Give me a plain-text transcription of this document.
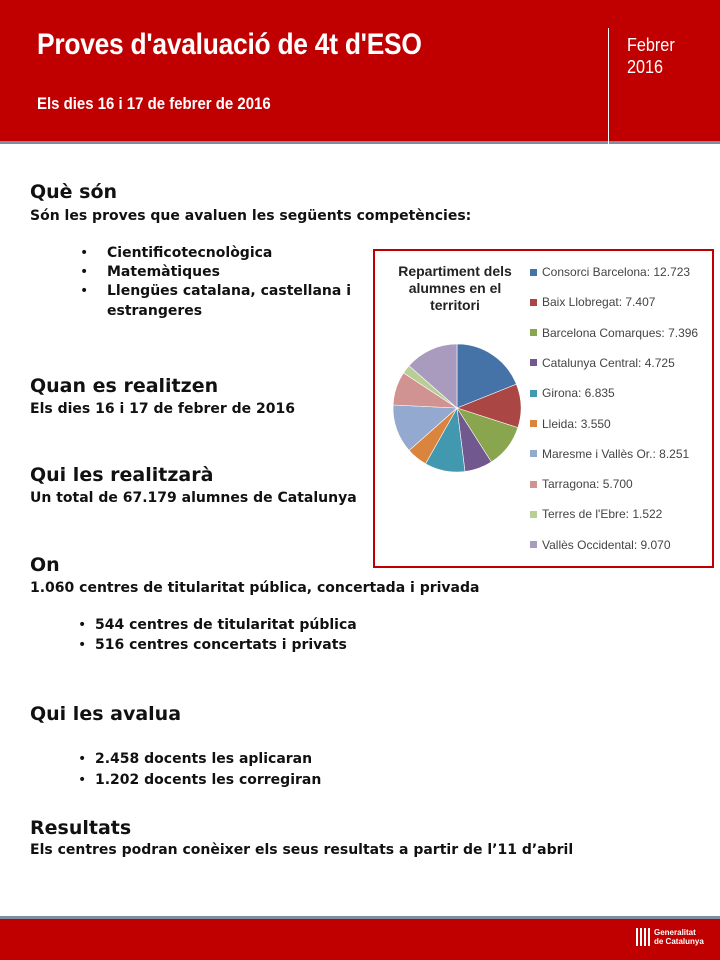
Proves d'avaluació de 4t d'ESO
Els dies 16 i 17 de febrer de 2016
Febrer
2016
Què són
Són les proves que avaluen les següents competències:
• Cientificotecnològica
• Matemàtiques
• Llengües catalana, castellana i
estrangeres
Quan es realitzen
Els dies 16 i 17 de febrer de 2016
Qui les realitzarà
Un total de 67.179 alumnes de Catalunya
On
1.060 centres de titularitat pública, concertada i privada
• 544 centres de titularitat pública
• 516 centres concertats i privats
Qui les avalua
• 2.458 docents les aplicaran
• 1.202 docents les corregiran
Resultats
Els centres podran conèixer els seus resultats a partir de l’11 d’abril
Repartiment dels alumnes en el territori
Consorci Barcelona: 12.723
Baix Llobregat: 7.407
Barcelona Comarques: 7.396
Catalunya Central: 4.725
Girona: 6.835
Lleida: 3.550
Maresme i Vallès Or.: 8.251
Tarragona: 5.700
Terres de l'Ebre: 1.522
Vallès Occidental: 9.070
Generalitat
de Catalunya
